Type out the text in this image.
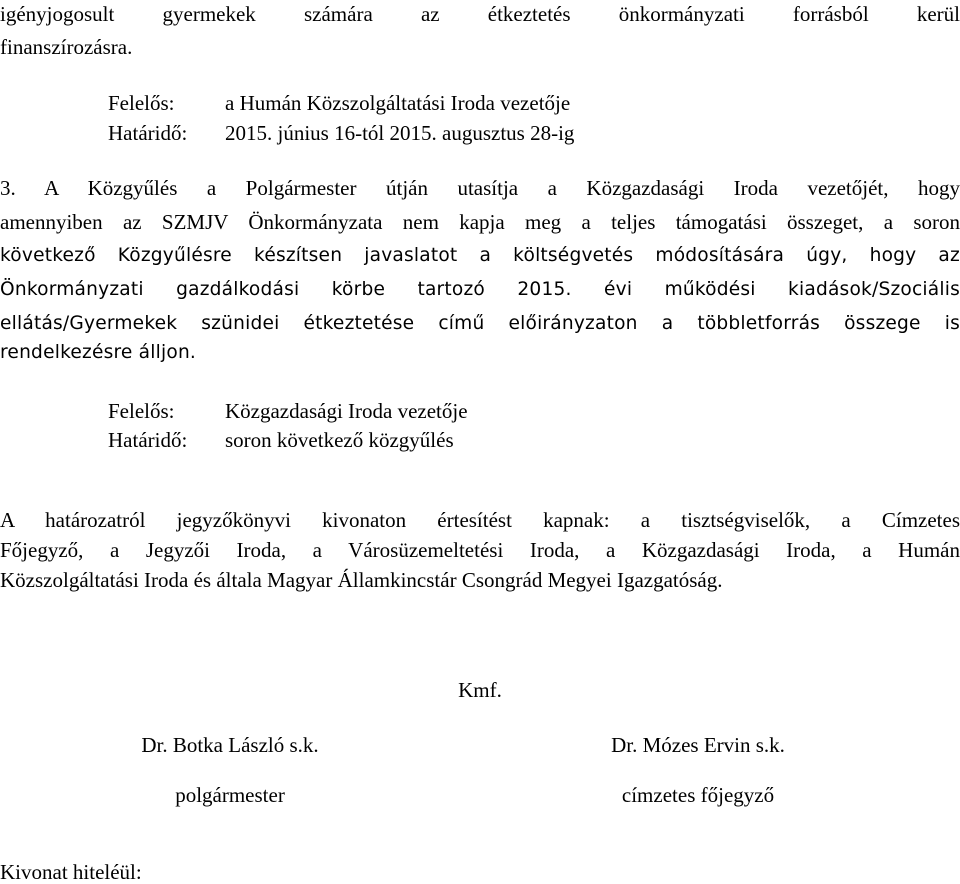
igényjogosult gyermekek számára az étkeztetés önkormányzati forrásból kerül
finanszírozásra.
Felelős: a Humán Közszolgáltatási Iroda vezetője
Határidő: 2015. június 16-tól 2015. augusztus 28-ig
3. A Közgyűlés a Polgármester útján utasítja a Közgazdasági Iroda vezetőjét, hogy
amennyiben az SZMJV Önkormányzata nem kapja meg a teljes támogatási összeget, a soron
következő Közgyűlésre készítsen javaslatot a költségvetés módosítására úgy, hogy az
Önkormányzati gazdálkodási körbe tartozó 2015. évi működési kiadások/Szociális
ellátás/Gyermekek szünidei étkeztetése című előirányzaton a többletforrás összege is
rendelkezésre álljon.
Felelős: Közgazdasági Iroda vezetője
Határidő: soron következő közgyűlés
A határozatról jegyzőkönyvi kivonaton értesítést kapnak: a tisztségviselők, a Címzetes
Főjegyző, a Jegyzői Iroda, a Városüzemeltetési Iroda, a Közgazdasági Iroda, a Humán
Közszolgáltatási Iroda és általa Magyar Államkincstár Csongrád Megyei Igazgatóság.
Kmf.
Dr. Botka László s.k.
polgármester
Dr. Mózes Ervin s.k.
címzetes főjegyző
Kivonat hiteléül:
